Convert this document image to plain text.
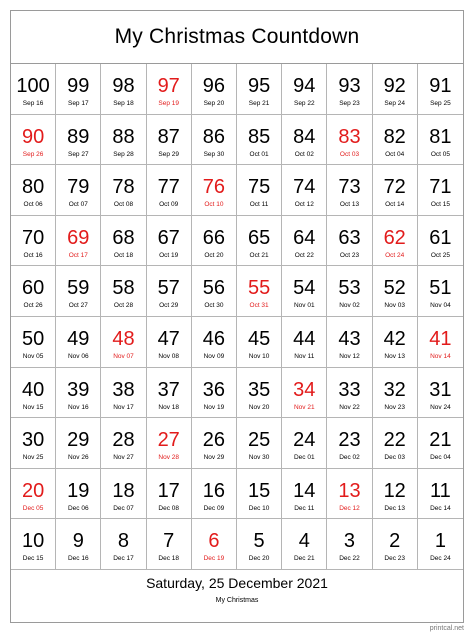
My Christmas Countdown
100
Sep 16
99
Sep 17
98
Sep 18
97
Sep 19
96
Sep 20
95
Sep 21
94
Sep 22
93
Sep 23
92
Sep 24
91
Sep 25
90
Sep 26
89
Sep 27
88
Sep 28
87
Sep 29
86
Sep 30
85
Oct 01
84
Oct 02
83
Oct 03
82
Oct 04
81
Oct 05
80
Oct 06
79
Oct 07
78
Oct 08
77
Oct 09
76
Oct 10
75
Oct 11
74
Oct 12
73
Oct 13
72
Oct 14
71
Oct 15
70
Oct 16
69
Oct 17
68
Oct 18
67
Oct 19
66
Oct 20
65
Oct 21
64
Oct 22
63
Oct 23
62
Oct 24
61
Oct 25
60
Oct 26
59
Oct 27
58
Oct 28
57
Oct 29
56
Oct 30
55
Oct 31
54
Nov 01
53
Nov 02
52
Nov 03
51
Nov 04
50
Nov 05
49
Nov 06
48
Nov 07
47
Nov 08
46
Nov 09
45
Nov 10
44
Nov 11
43
Nov 12
42
Nov 13
41
Nov 14
40
Nov 15
39
Nov 16
38
Nov 17
37
Nov 18
36
Nov 19
35
Nov 20
34
Nov 21
33
Nov 22
32
Nov 23
31
Nov 24
30
Nov 25
29
Nov 26
28
Nov 27
27
Nov 28
26
Nov 29
25
Nov 30
24
Dec 01
23
Dec 02
22
Dec 03
21
Dec 04
20
Dec 05
19
Dec 06
18
Dec 07
17
Dec 08
16
Dec 09
15
Dec 10
14
Dec 11
13
Dec 12
12
Dec 13
11
Dec 14
10
Dec 15
9
Dec 16
8
Dec 17
7
Dec 18
6
Dec 19
5
Dec 20
4
Dec 21
3
Dec 22
2
Dec 23
1
Dec 24
Saturday, 25 December 2021
My Christmas
printcal.net
